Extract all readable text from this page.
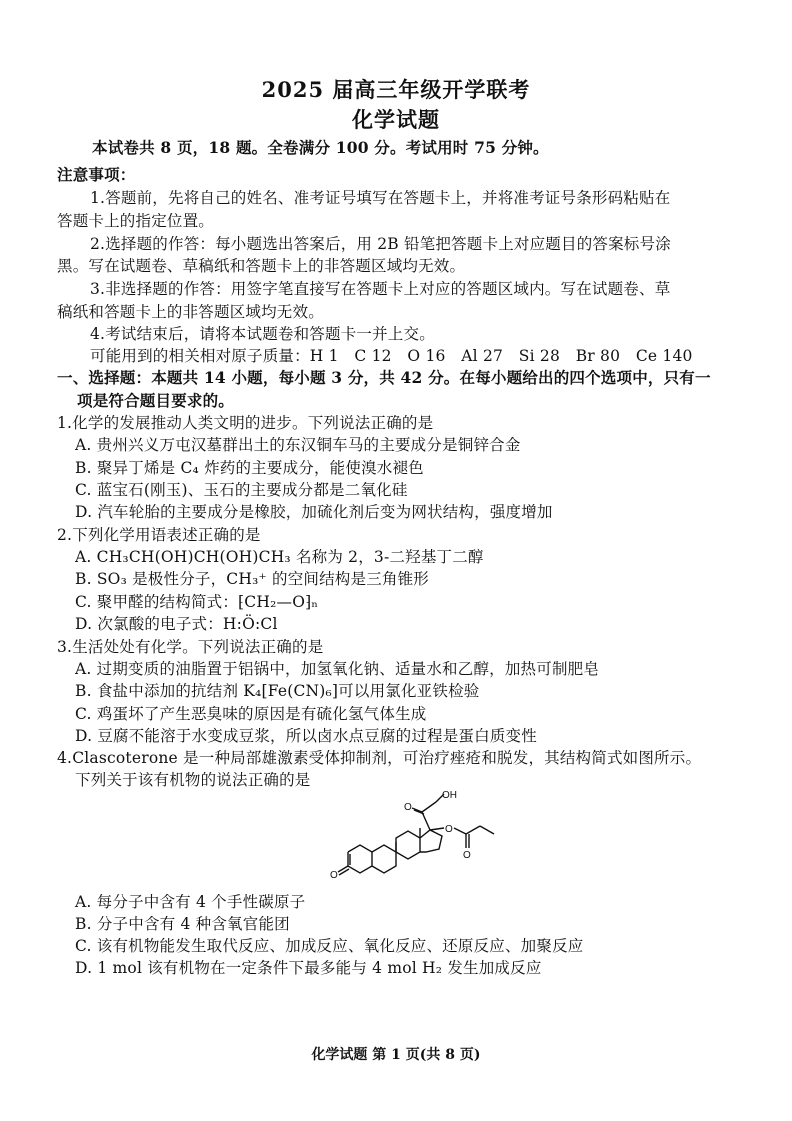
2025 届高三年级开学联考
化学试题
本试卷共 8 页，18 题。全卷满分 100 分。考试用时 75 分钟。
注意事项：
1.答题前，先将自己的姓名、准考证号填写在答题卡上，并将准考证号条形码粘贴在
答题卡上的指定位置。
2.选择题的作答：每小题选出答案后，用 2B 铅笔把答题卡上对应题目的答案标号涂
黑。写在试题卷、草稿纸和答题卡上的非答题区域均无效。
3.非选择题的作答：用签字笔直接写在答题卡上对应的答题区域内。写在试题卷、草
稿纸和答题卡上的非答题区域均无效。
4.考试结束后，请将本试题卷和答题卡一并上交。
可能用到的相关相对原子质量：H 1　C 12　O 16　Al 27　Si 28　Br 80　Ce 140
一、选择题：本题共 14 小题，每小题 3 分，共 42 分。在每小题给出的四个选项中，只有一
项是符合题目要求的。
1.化学的发展推动人类文明的进步。下列说法正确的是
A. 贵州兴义万屯汉墓群出土的东汉铜车马的主要成分是铜锌合金
B. 聚异丁烯是 C₄ 炸药的主要成分，能使溴水褪色
C. 蓝宝石(刚玉)、玉石的主要成分都是二氧化硅
D. 汽车轮胎的主要成分是橡胶，加硫化剂后变为网状结构，强度增加
2.下列化学用语表述正确的是
A. CH₃CH(OH)CH(OH)CH₃ 名称为 2，3-二羟基丁二醇
B. SO₃ 是极性分子，CH₃⁺ 的空间结构是三角锥形
C. 聚甲醛的结构简式：⁅CH₂—O⁆ₙ
D. 次氯酸的电子式：H:Ö:Cl
3.生活处处有化学。下列说法正确的是
A. 过期变质的油脂置于铝锅中，加氢氧化钠、适量水和乙醇，加热可制肥皂
B. 食盐中添加的抗结剂 K₄[Fe(CN)₆]可以用氯化亚铁检验
C. 鸡蛋坏了产生恶臭味的原因是有硫化氢气体生成
D. 豆腐不能溶于水变成豆浆，所以卤水点豆腐的过程是蛋白质变性
4.Clascoterone 是一种局部雄激素受体抑制剂，可治疗痤疮和脱发，其结构简式如图所示。
下列关于该有机物的说法正确的是
O
O
OH
O
O
A. 每分子中含有 4 个手性碳原子
B. 分子中含有 4 种含氧官能团
C. 该有机物能发生取代反应、加成反应、氧化反应、还原反应、加聚反应
D. 1 mol 该有机物在一定条件下最多能与 4 mol H₂ 发生加成反应
化学试题 第 1 页(共 8 页)
